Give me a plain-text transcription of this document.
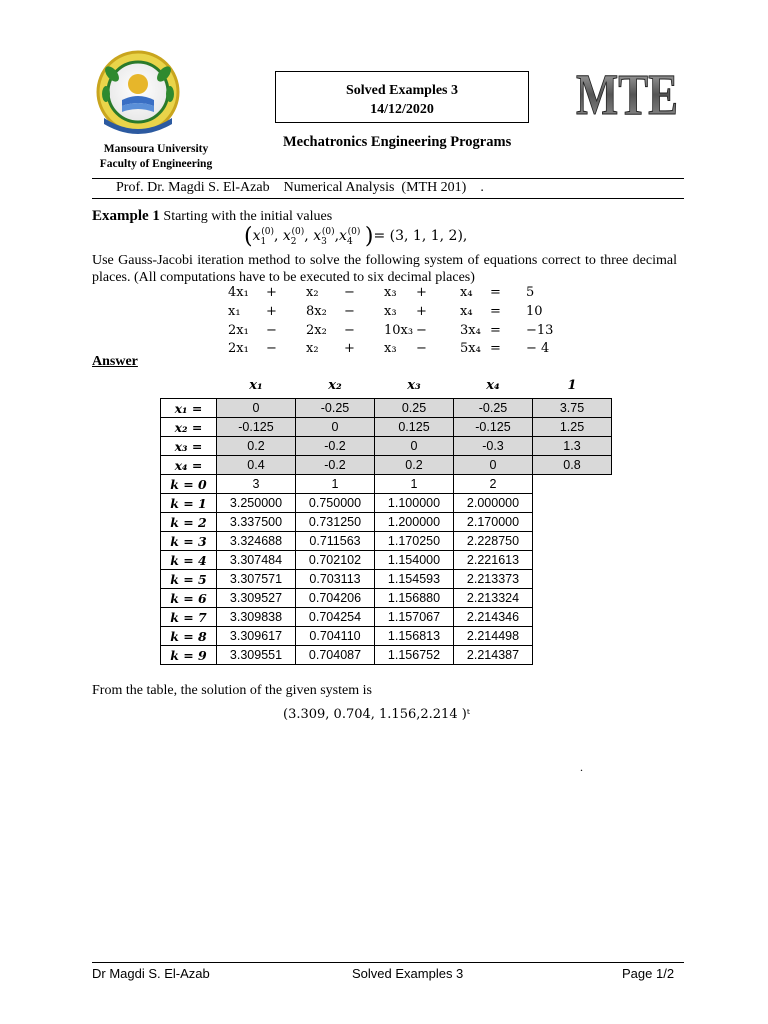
Mansoura University
Faculty of Engineering
Solved Examples 3
14/12/2020	MTE
Mechatronics Engineering Programs
Prof. Dr. Magdi S. El-Azab    Numerical Analysis  (MTH 201)    .
Example 1 Starting with the initial values
($x_1^{(0)}$, $x_2^{(0)}$, $x_3^{(0)},x_4^{(0)}$ )= (3, 1, 1, 2),
Use Gauss-Jacobi iteration method to solve the following system of equations correct to three decimal places. (All computations have to be executed to six decimal places)
4x₁ + x₂ − x₃ +	x₄ = 5
x₁ + 8x₂ − x₃ +	x₄ = 10
2x₁ − 2x₂ − 10x₃ −	3x₄ = −13
2x₁ − x₂ + x₃ −	5x₄ = − 4
Answer
	x₁	x₂	x₃	x₄	1
x₁ =	0	-0.25	0.25	-0.25	3.75
x₂ =	-0.125	0	0.125	-0.125	1.25
x₃ =	0.2	-0.2	0	-0.3	1.3
x₄ =	0.4	-0.2	0.2	0	0.8
k = 0	3	1	1	2	
k = 1	3.250000	0.750000	1.100000	2.000000	
k = 2	3.337500	0.731250	1.200000	2.170000	
k = 3	3.324688	0.711563	1.170250	2.228750	
k = 4	3.307484	0.702102	1.154000	2.221613	
k = 5	3.307571	0.703113	1.154593	2.213373	
k = 6	3.309527	0.704206	1.156880	2.213324	
k = 7	3.309838	0.704254	1.157067	2.214346	
k = 8	3.309617	0.704110	1.156813	2.214498	
k = 9	3.309551	0.704087	1.156752	2.214387	
From the table, the solution of the given system is
(3.309, 0.704, 1.156,2.214 )ᵗ
.
Dr Magdi S. El-Azab	Solved Examples 3	Page 1/2
